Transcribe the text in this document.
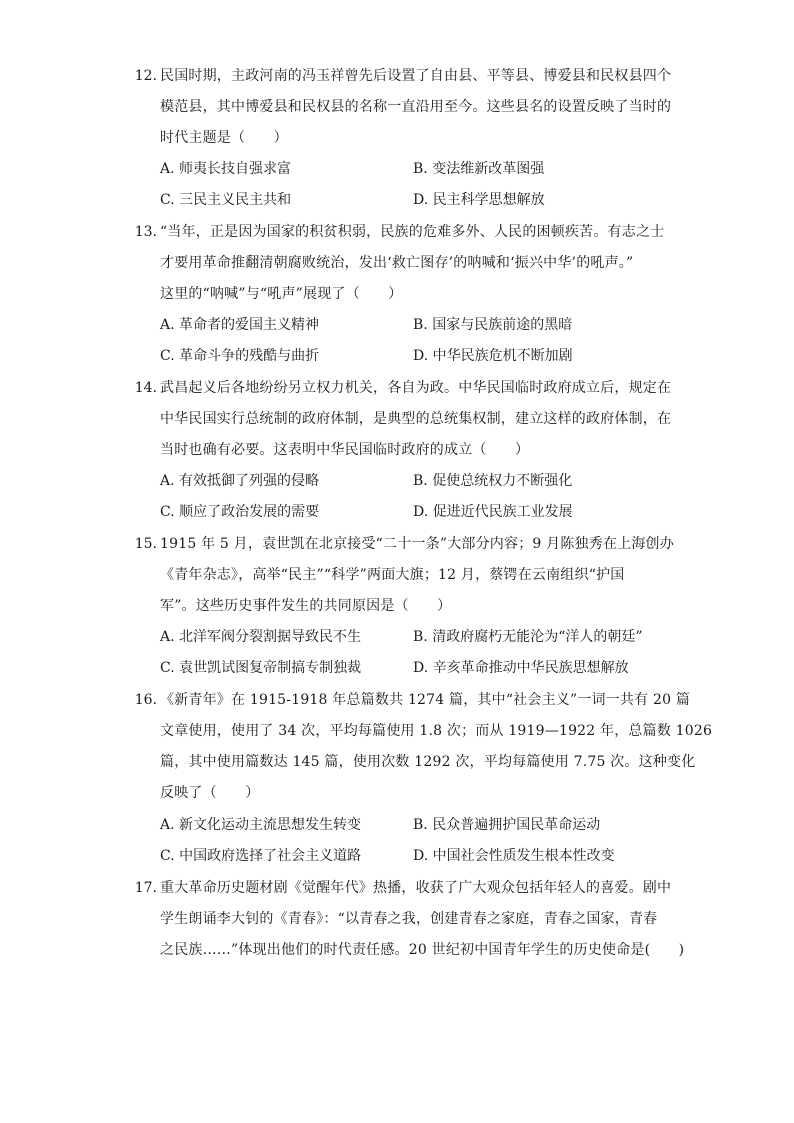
12. 民国时期，主政河南的冯玉祥曾先后设置了自由县、平等县、博爱县和民权县四个
模范县，其中博爱县和民权县的名称一直沿用至今。这些县名的设置反映了当时的
时代主题是（　　）
A. 师夷长技自强求富	B. 变法维新改革图强
C. 三民主义民主共和	D. 民主科学思想解放
13. “当年，正是因为国家的积贫积弱，民族的危难多外、人民的困顿疾苦。有志之士
才要用革命推翻清朝腐败统治，发出‘救亡图存’的呐喊和‘振兴中华’的吼声。”
这里的“呐喊”与“吼声”展现了（　　）
A. 革命者的爱国主义精神	B. 国家与民族前途的黑暗
C. 革命斗争的残酷与曲折	D. 中华民族危机不断加剧
14. 武昌起义后各地纷纷另立权力机关，各自为政。中华民国临时政府成立后，规定在
中华民国实行总统制的政府体制，是典型的总统集权制，建立这样的政府体制，在
当时也确有必要。这表明中华民国临时政府的成立（　　）
A. 有效抵御了列强的侵略	B. 促使总统权力不断强化
C. 顺应了政治发展的需要	D. 促进近代民族工业发展
15. 1915 年 5 月，袁世凯在北京接受“二十一条”大部分内容；9 月陈独秀在上海创办
《青年杂志》，高举“民主”“科学”两面大旗；12 月，蔡锷在云南组织“护国
军”。这些历史事件发生的共同原因是（　　）
A. 北洋军阀分裂割据导致民不生	B. 清政府腐朽无能沦为“洋人的朝廷”
C. 袁世凯试图复帝制搞专制独裁	D. 辛亥革命推动中华民族思想解放
16. 《新青年》在 1915-1918 年总篇数共 1274 篇，其中“社会主义”一词一共有 20 篇
文章使用，使用了 34 次，平均每篇使用 1.8 次；而从 1919—1922 年，总篇数 1026
篇，其中使用篇数达 145 篇，使用次数 1292 次，平均每篇使用 7.75 次。这种变化
反映了（　　）
A. 新文化运动主流思想发生转变	B. 民众普遍拥护国民革命运动
C. 中国政府选择了社会主义道路	D. 中国社会性质发生根本性改变
17. 重大革命历史题材剧《觉醒年代》热播，收获了广大观众包括年轻人的喜爱。剧中
学生朗诵李大钊的《青春》：“以青春之我，创建青春之家庭，青春之国家，青春
之民族……”体现出他们的时代责任感。20 世纪初中国青年学生的历史使命是(　　)
